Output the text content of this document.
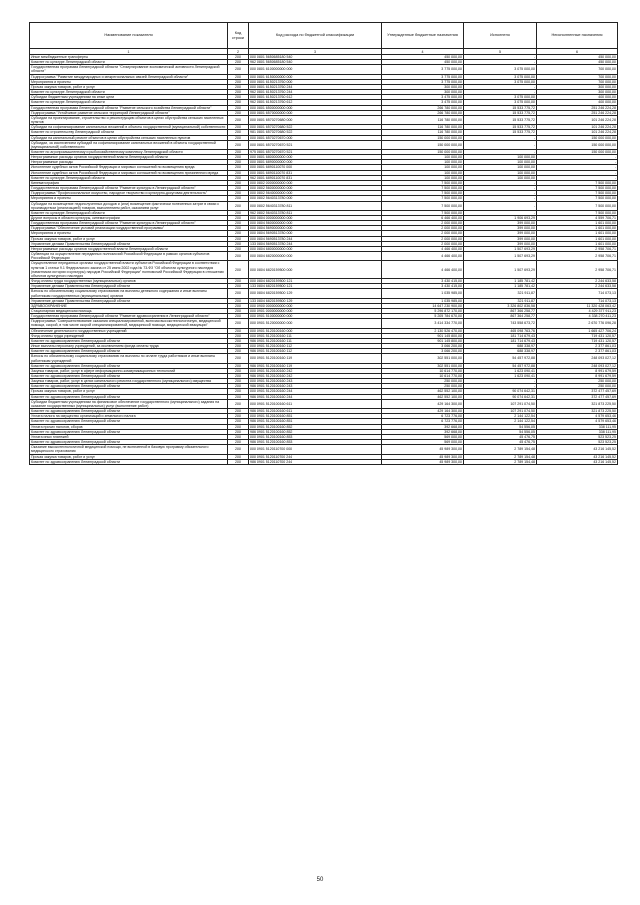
Наименование показателя	Код строки	Код расхода по бюджетной классификации	Утвержденные бюджетные назначения	Исполнено	Неисполненные назначения
1	2	3	4	5	6
Иные межбюджетные трансферты	200	000 0801 5650685180 540	450 000,00	-	450 000,00
Комитет по культуре Ленинградской области	200	962 0801 5650685180 540	450 000,00	-	450 000,00
Государственная программа Ленинградской области "Стимулирование экономической активности Ленинградской области"	200	000 0801 6100000000 000	3 775 000,00	3 075 000,00	700 000,00
Подпрограмма "Развитие международных и межрегиональных связей Ленинградской области"	200	000 0801 6150000000 000	3 775 000,00	3 075 000,00	700 000,00
Мероприятия и проекты	200	000 0801 6150213760 000	3 775 000,00	3 075 000,00	700 000,00
Прочая закупка товаров, работ и услуг	200	000 0801 6150213760 244	300 000,00	-	300 000,00
Комитет по культуре Ленинградской области	200	962 0801 6150213760 244	300 000,00	-	300 000,00
Субсидии бюджетным учреждениям на иные цели	200	000 0801 6150213760 612	3 475 000,00	3 075 000,00	400 000,00
Комитет по культуре Ленинградской области	200	962 0801 6150213760 612	3 475 000,00	3 075 000,00	400 000,00
Государственная программа Ленинградской области "Развитие сельского хозяйства Ленинградской области"	200	000 0801 6500000000 000	266 780 000,00	15 533 775,72	251 246 224,28
Подпрограмма "Устойчивое развитие сельских территорий Ленинградской области"	200	000 0801 6570000000 000	266 780 000,00	15 533 775,72	251 246 224,28
Субсидии на проектирование, строительство и реконструкцию объектов в целях обустройства сельских населенных пунктов	200	000 0801 6570270680 000	116 780 000,00	15 533 775,72	101 246 224,28
Субсидии на софинансирование капитальных вложений в объекты государственной (муниципальной) собственности	200	000 0801 6570270680 522	116 780 000,00	15 533 775,72	101 246 224,28
Комитет по строительству Ленинградской области	200	981 0801 6570270680 522	116 780 000,00	15 533 775,72	101 246 224,28
Субсидии на капитальный ремонт объектов в целях обустройства сельских населенных пунктов	200	000 0801 6570270670 000	150 000 000,00	-	150 000 000,00
Субсидии, за исключением субсидий на софинансирование капитальных вложений в объекты государственной (муниципальной) собственности	200	000 0801 6570270670 521	150 000 000,00	-	150 000 000,00
Комитет по агропромышленному и рыбохозяйственному комплексу Ленинградской области	200	975 0801 6570270670 521	150 000 000,00	-	150 000 000,00
Непрограммные расходы органов государственной власти Ленинградской области	200	000 0801 6800000000 000	100 000,00	100 000,00	-
Непрограммные расходы	200	000 0801 6890000000 000	100 000,00	100 000,00	-
Исполнение судебных актов Российской Федерации и мировых соглашений по возмещению вреда	200	000 0801 6890110070 000	100 000,00	100 000,00	-
Исполнение судебных актов Российской Федерации и мировых соглашений по возмещению причиненного вреда	200	000 0801 6890110070 831	100 000,00	100 000,00	-
Комитет по культуре Ленинградской области	200	962 0801 6890110070 831	100 000,00	100 000,00	-
Кинематография	200	000 0802 0000000000 000	7 500 000,00	-	7 500 000,00
Государственная программа Ленинградской области "Развитие культуры в Ленинградской области"	200	000 0802 5600000000 000	7 500 000,00	-	7 500 000,00
Подпрограмма "Профессиональное искусство, народное творчество и культурно-досуговая деятельность"	200	000 0802 5640000000 000	7 500 000,00	-	7 500 000,00
Мероприятия и проекты	200	000 0802 5640313780 000	7 500 000,00	-	7 500 000,00
Субсидии на возмещение недополученных доходов и (или) возмещение фактически понесенных затрат в связи с производством (реализацией) товаров, выполнением работ, оказанием услуг	200	000 0802 5640313780 811	7 500 000,00	-	7 500 000,00
Комитет по культуре Ленинградской области	200	962 0802 5640313780 811	7 500 000,00	-	7 500 000,00
Другие вопросы в области культуры, кинематографии	200	000 0804 0000000000 000	6 466 400,00	1 906 693,29	4 559 706,71
Государственная программа Ленинградской области "Развитие культуры в Ленинградской области"	200	000 0804 5600000000 000	2 000 000,00	399 000,00	1 601 000,00
Подпрограмма "Обеспечение условий реализации государственной программы"	200	000 0804 5690000000 000	2 000 000,00	399 000,00	1 601 000,00
Мероприятия и проекты	200	000 0804 5690513780 000	2 000 000,00	399 000,00	1 601 000,00
Прочая закупка товаров, работ и услуг	200	000 0804 5690513780 244	2 000 000,00	399 000,00	1 601 000,00
Управление делами Правительства Ленинградской области	200	133 0804 5690513780 244	2 000 000,00	399 000,00	1 601 000,00
Непрограммные расходы органов государственной власти Ленинградской области	200	000 0804 6800000000 000	4 466 400,00	1 507 693,29	2 958 706,71
Субвенции на осуществление переданных полномочий Российской Федерации в рамках органов субъектов Российской Федерации	200	000 0804 6820000000 000	4 466 400,00	1 507 693,29	2 958 706,71
Осуществление переданных органам государственной власти субъектов Российской Федерации в соответствии с пунктом 1 статьи 9.1 Федерального закона от 25 июня 2002 года № 73-ФЗ "Об объектах культурного наследия (памятниках истории и культуры) народов Российской Федерации" полномочий Российской Федерации в отношении объектов культурного наследия	200	000 0804 6820159500 000	4 466 400,00	1 507 693,29	2 958 706,71
Фонд оплаты труда государственных (муниципальных) органов	200	000 0804 6820159500 121	3 430 415,00	1 185 781,42	2 244 633,58
Управление делами Правительства Ленинградской области	200	133 0804 6820159500 121	3 430 415,00	1 185 781,42	2 244 633,58
Взносы по обязательному социальному страхованию на выплаты денежного содержания и иные выплаты работникам государственных (муниципальных) органов	200	000 0804 6820159500 129	1 035 985,00	321 911,87	714 073,13
Управление делами Правительства Ленинградской области	200	133 0804 6820159500 129	1 035 985,00	321 911,87	714 073,13
ЗДРАВООХРАНЕНИЕ	200	000 0900 0000000000 000	14 647 230 900,00	3 326 802 836,58	11 320 428 063,42
Стационарная медицинская помощь	200	000 0901 0000000000 000	5 296 872 170,00	867 366 258,77	4 429 377 911,23
Государственная программа Ленинградской области "Развитие здравоохранения в Ленинградской области"	200	000 0901 5100000000 000	5 205 784 670,00	867 364 258,77	4 338 270 411,23
Подпрограмма "Совершенствование оказания специализированной, включая высокотехнологичную, медицинской помощи, скорой, в том числе скорой специализированной, медицинской помощи, медицинской эвакуации"	200	000 0901 5120000000 000	3 414 334 770,00	743 558 673,72	2 670 776 096,28
Обеспечение деятельности государственных учреждений	200	000 0901 5120100160 000	2 130 526 470,00	465 098 763,76	1 665 427 706,24
Фонд оплаты труда учреждений	200	000 0901 5120100160 111	901 145 800,00	181 714 679,43	719 431 120,57
Комитет по здравоохранению Ленинградской области	200	986 0901 5120100160 111	901 145 800,00	181 714 679,43	719 431 120,57
Иные выплаты персоналу учреждений, за исключением фонда оплаты труда	200	000 0901 5120100160 112	3 066 200,00	688 338,97	2 377 861,03
Комитет по здравоохранению Ленинградской области	200	986 0901 5120100160 112	3 066 200,00	688 338,97	2 377 861,03
Взносы по обязательному социальному страхованию на выплаты по оплате труда работников и иные выплаты работникам учреждений	200	000 0901 5120100160 119	302 551 000,00	54 457 972,88	248 093 027,12
Комитет по здравоохранению Ленинградской области	200	986 0901 5120100160 119	302 551 000,00	54 457 972,88	248 093 027,12
Закупка товаров, работ, услуг в сфере информационно-коммуникационных технологий	200	000 0901 5120100160 242	10 614 770,00	1 623 090,41	8 991 679,59
Комитет по здравоохранению Ленинградской области	200	986 0901 5120100160 242	10 614 770,00	1 623 090,41	8 991 679,59
Закупка товаров, работ, услуг в целях капитального ремонта государственного (муниципального) имущества	200	000 0901 5120100160 243	250 000,00	-	250 000,00
Комитет по здравоохранению Ленинградской области	200	986 0901 5120100160 243	250 000,00	-	250 000,00
Прочая закупка товаров, работ и услуг	200	000 0901 5120100160 244	462 552 100,00	90 074 642,31	372 477 457,69
Комитет по здравоохранению Ленинградской области	200	986 0901 5120100160 244	462 552 100,00	90 074 642,31	372 477 457,69
Субсидии бюджетным учреждениям на финансовое обеспечение государственного (муниципального) задания на оказание государственных (муниципальных) услуг (выполнение работ)	200	000 0901 5120100160 611	429 164 300,00	107 291 074,50	321 873 225,50
Комитет по здравоохранению Ленинградской области	200	986 0901 5120100160 611	429 164 300,00	107 291 074,50	321 873 225,50
Уплата налога на имущество организаций и земельного налога	200	000 0901 5120100160 851	6 723 776,00	2 144 122,54	4 579 653,46
Комитет по здравоохранению Ленинградской области	200	986 0901 5120100160 851	6 723 776,00	2 144 122,54	4 579 653,46
Уплата прочих налогов, сборов	200	000 0901 5120100160 852	392 668,00	54 556,05	338 111,95
Комитет по здравоохранению Ленинградской области	200	986 0901 5120100160 852	392 668,00	54 556,05	338 111,95
Уплата иных платежей	200	000 0901 5120100160 853	569 000,00	45 476,75	523 523,25
Комитет по здравоохранению Ленинградской области	200	986 0901 5120100160 853	569 000,00	45 476,75	523 523,25
Оказание высокотехнологичной медицинской помощи, не включенной в базовую программу обязательного медицинского страхования	200	000 0901 5120110700 000	45 989 300,00	2 789 154,48	43 216 145,52
Прочая закупка товаров, работ и услуг	200	000 0901 5120110700 244	45 989 300,00	2 789 154,48	43 216 145,52
Комитет по здравоохранению Ленинградской области	200	986 0901 5120110700 244	45 989 300,00	2 789 154,48	43 216 145,52
50
